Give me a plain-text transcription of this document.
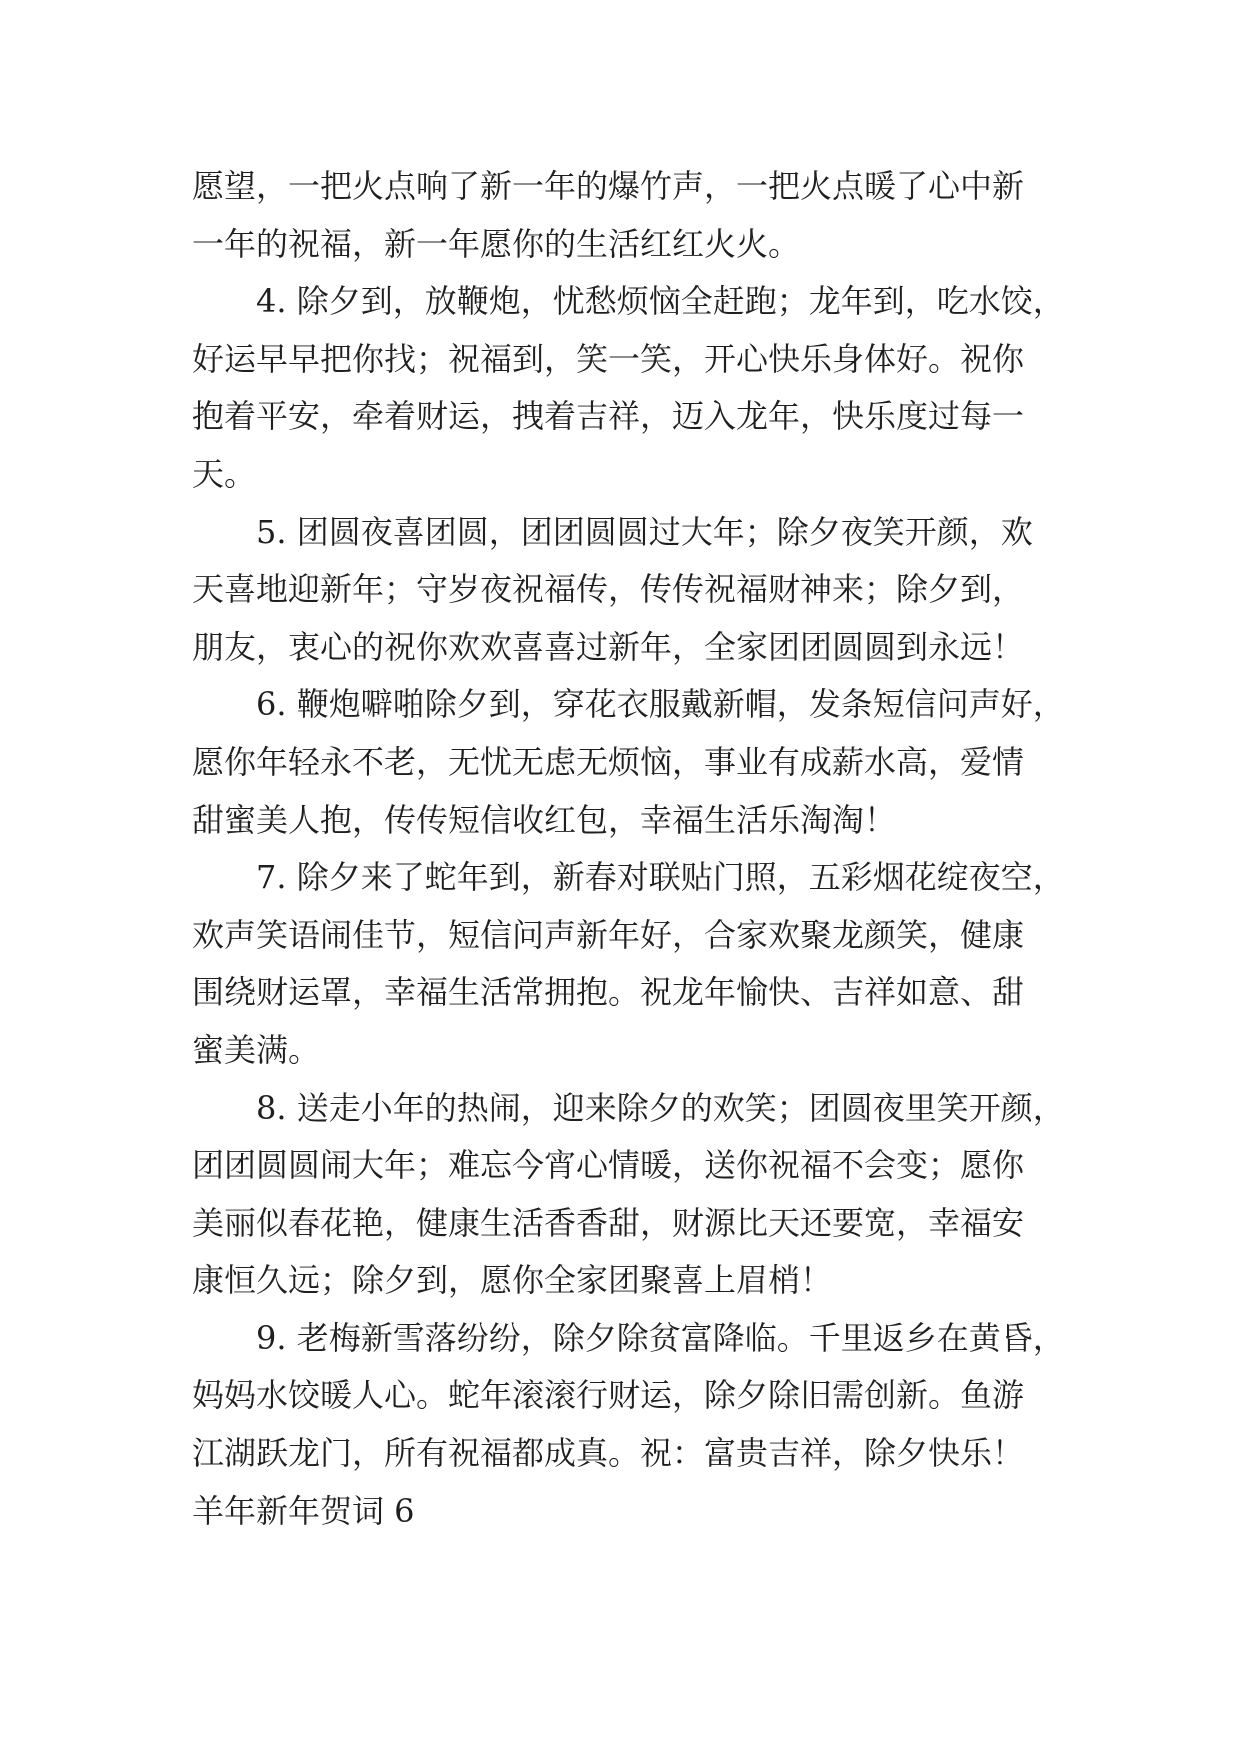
愿望，一把火点响了新一年的爆竹声，一把火点暖了心中新
一年的祝福，新一年愿你的生活红红火火。
4. 除夕到，放鞭炮，忧愁烦恼全赶跑；龙年到，吃水饺，
好运早早把你找；祝福到，笑一笑，开心快乐身体好。祝你
抱着平安，牵着财运，拽着吉祥，迈入龙年，快乐度过每一
天。
5. 团圆夜喜团圆，团团圆圆过大年；除夕夜笑开颜，欢
天喜地迎新年；守岁夜祝福传，传传祝福财神来；除夕到，
朋友，衷心的祝你欢欢喜喜过新年，全家团团圆圆到永远！
6. 鞭炮噼啪除夕到，穿花衣服戴新帽，发条短信问声好，
愿你年轻永不老，无忧无虑无烦恼，事业有成薪水高，爱情
甜蜜美人抱，传传短信收红包，幸福生活乐淘淘！
7. 除夕来了蛇年到，新春对联贴门照，五彩烟花绽夜空，
欢声笑语闹佳节，短信问声新年好，合家欢聚龙颜笑，健康
围绕财运罩，幸福生活常拥抱。祝龙年愉快、吉祥如意、甜
蜜美满。
8. 送走小年的热闹，迎来除夕的欢笑；团圆夜里笑开颜，
团团圆圆闹大年；难忘今宵心情暖，送你祝福不会变；愿你
美丽似春花艳，健康生活香香甜，财源比天还要宽，幸福安
康恒久远；除夕到，愿你全家团聚喜上眉梢！
9. 老梅新雪落纷纷，除夕除贫富降临。千里返乡在黄昏，
妈妈水饺暖人心。蛇年滚滚行财运，除夕除旧需创新。鱼游
江湖跃龙门，所有祝福都成真。祝：富贵吉祥，除夕快乐！
羊年新年贺词 6
